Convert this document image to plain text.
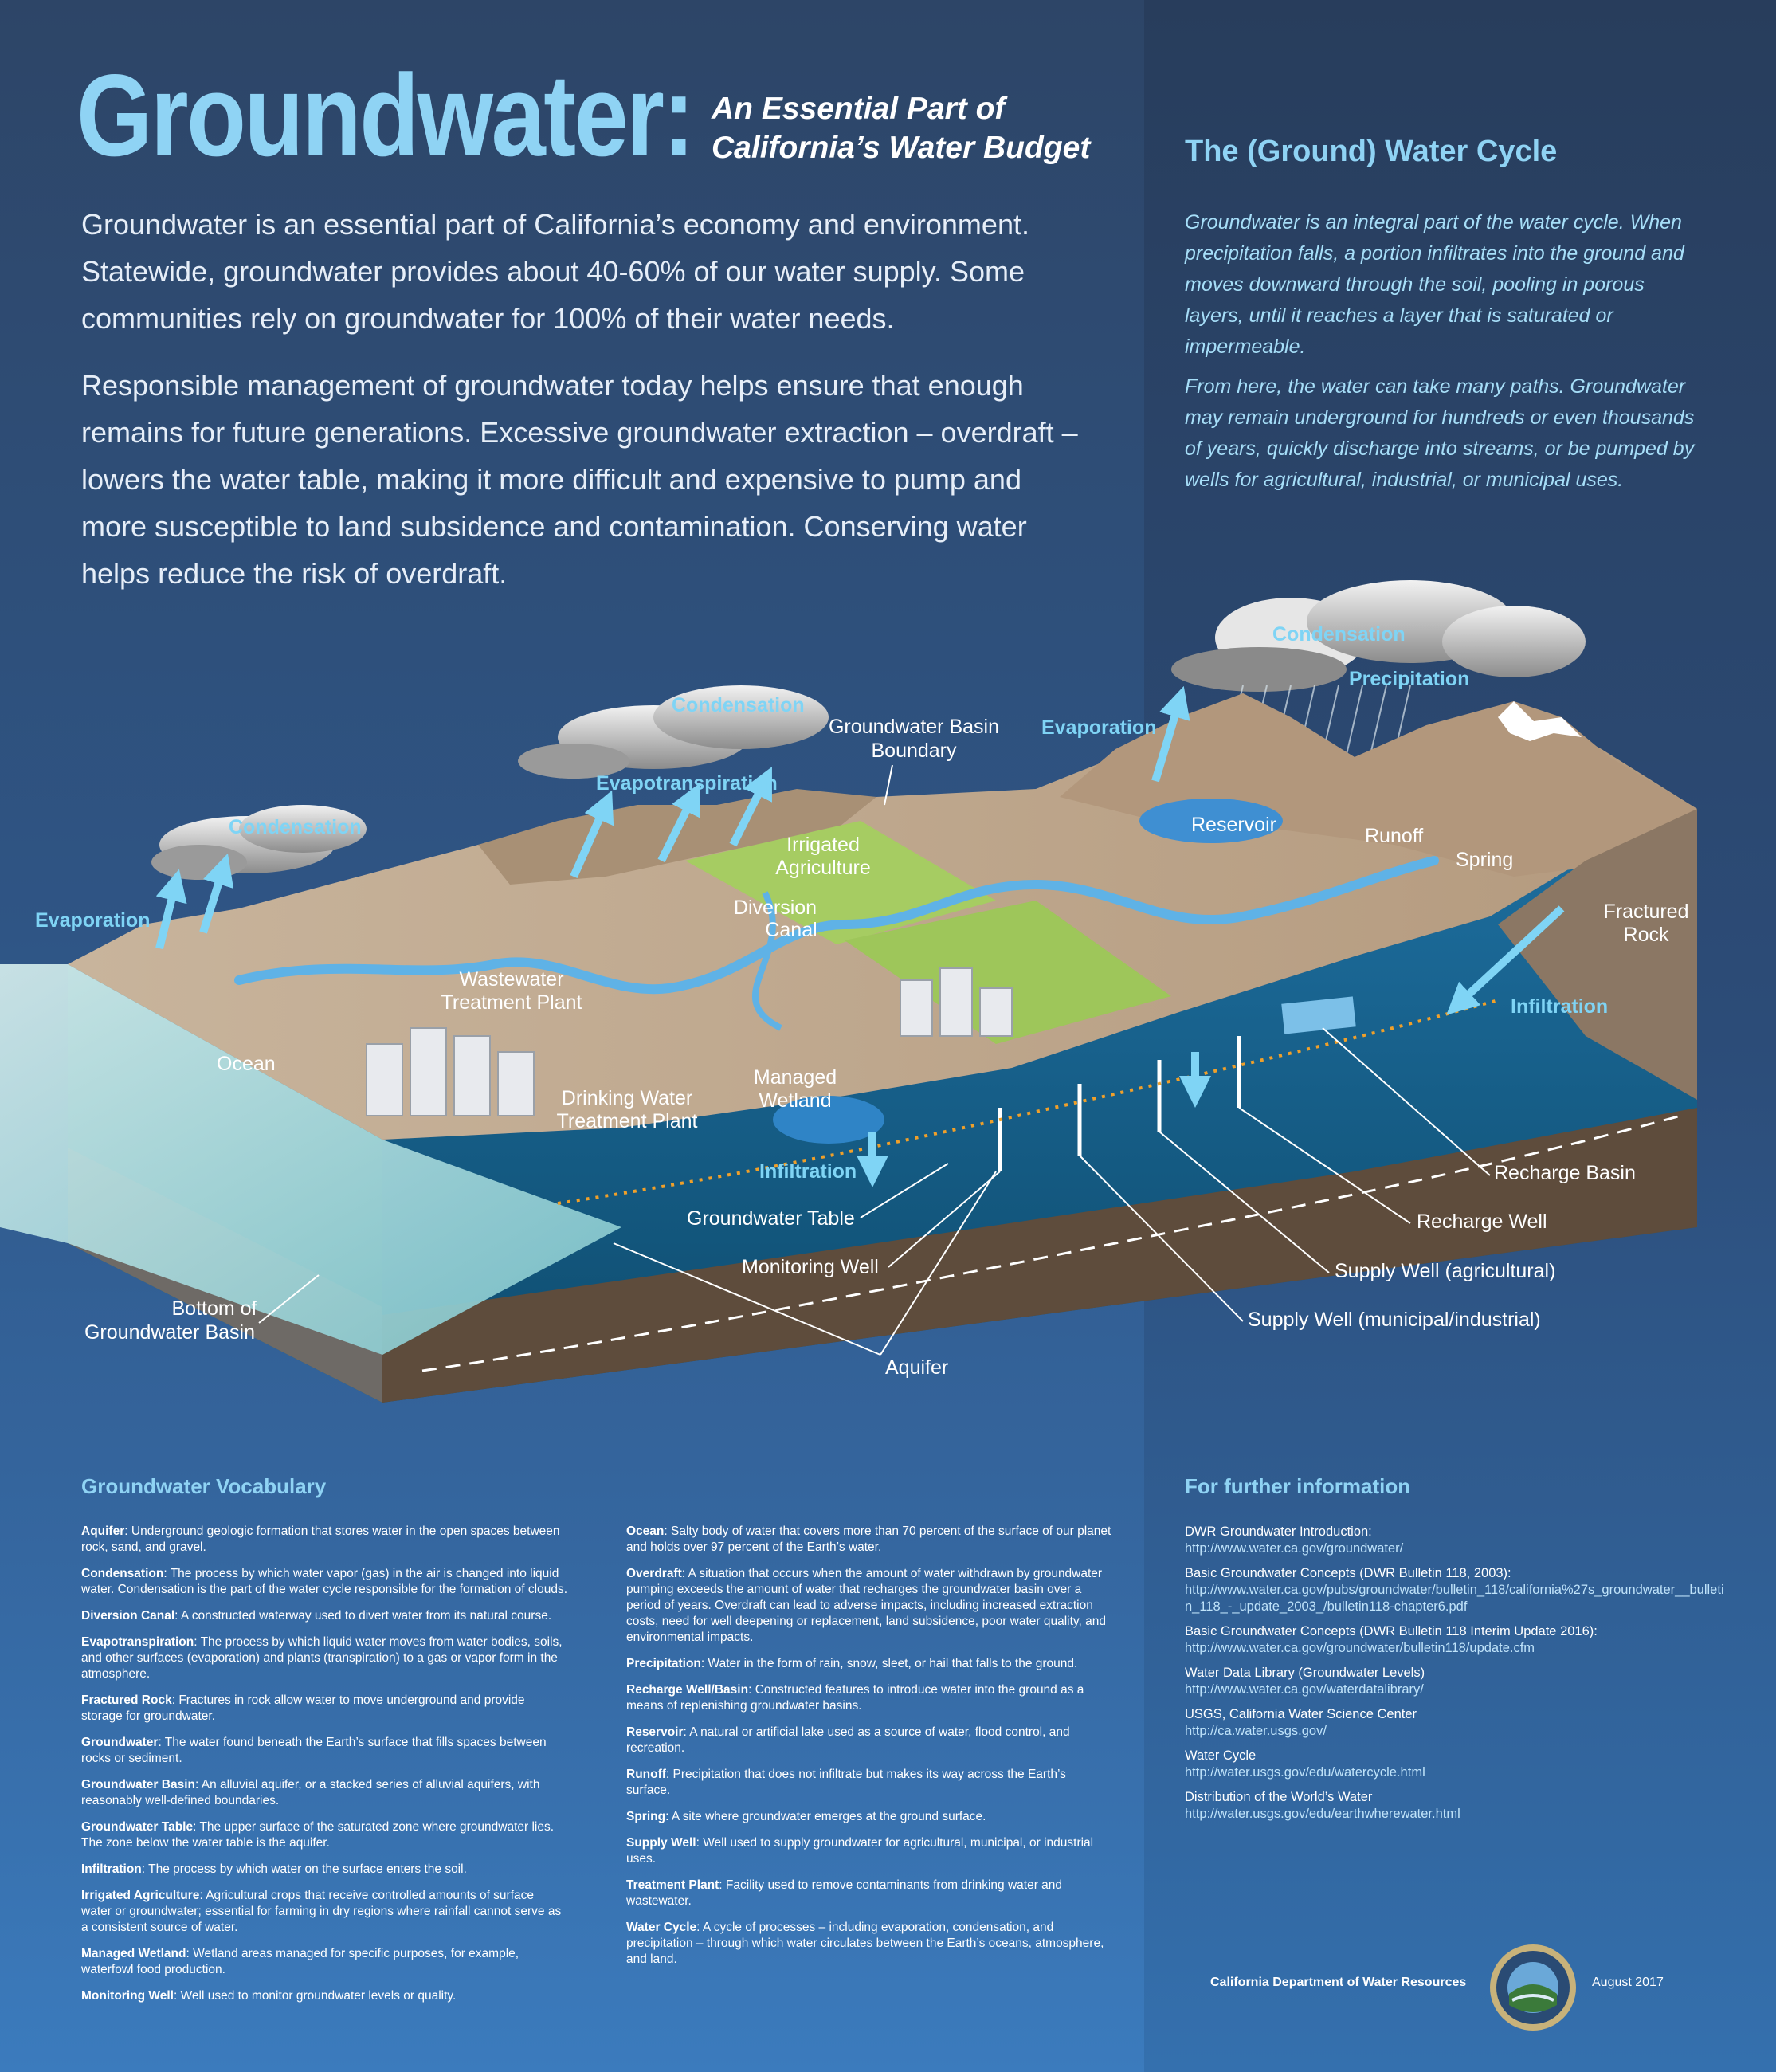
Groundwater: An Essential Part of
California’s Water Budget

Groundwater is an essential part of California’s economy and environment. Statewide, groundwater provides about 40-60% of our water supply. Some communities rely on groundwater for 100% of their water needs.

Responsible management of groundwater today helps ensure that enough remains for future generations. Excessive groundwater extraction – overdraft – lowers the water table, making it more difficult and expensive to pump and more susceptible to land subsidence and contamination. Conserving water helps reduce the risk of overdraft.

The (Ground) Water Cycle

Groundwater is an integral part of the water cycle. When precipitation falls, a portion infiltrates into the ground and moves downward through the soil, pooling in porous layers, until it reaches a layer that is saturated or impermeable.

From here, the water can take many paths. Groundwater may remain underground for hundreds or even thousands of years, quickly discharge into streams, or be pumped by wells for agricultural, industrial, or municipal uses.

Condensation
Condensation
Condensation
Precipitation
Evaporation
Evaporation
Evapotranspiration
Groundwater Basin
Boundary
Reservoir	Runoff
Spring
Fractured
Rock
Irrigated
Agriculture
Diversion
Canal
Wastewater
Treatment Plant
Ocean
Drinking Water
Treatment Plant
Managed
Wetland
Infiltration
Infiltration
Groundwater Table
Monitoring Well
Recharge Basin
Recharge Well
Supply Well (agricultural)
Supply Well (municipal/industrial)
Bottom of
Groundwater Basin
Aquifer
Groundwater Vocabulary

Aquifer: Underground geologic formation that stores water in the open spaces between rock, sand, and gravel.

Condensation: The process by which water vapor (gas) in the air is changed into liquid water. Condensation is the part of the water cycle responsible for the formation of clouds.

Diversion Canal: A constructed waterway used to divert water from its natural course.

Evapotranspiration: The process by which liquid water moves from water bodies, soils, and other surfaces (evaporation) and plants (transpiration) to a gas or vapor form in the atmosphere.

Fractured Rock: Fractures in rock allow water to move underground and provide storage for groundwater.

Groundwater: The water found beneath the Earth’s surface that fills spaces between rocks or sediment.

Groundwater Basin: An alluvial aquifer, or a stacked series of alluvial aquifers, with reasonably well-defined boundaries.

Groundwater Table: The upper surface of the saturated zone where groundwater lies. The zone below the water table is the aquifer.

Infiltration: The process by which water on the surface enters the soil.

Irrigated Agriculture: Agricultural crops that receive controlled amounts of surface water or groundwater; essential for farming in dry regions where rainfall cannot serve as a consistent source of water.

Managed Wetland: Wetland areas managed for specific purposes, for example, waterfowl food production.

Monitoring Well: Well used to monitor groundwater levels or quality.

Ocean: Salty body of water that covers more than 70 percent of the surface of our planet and holds over 97 percent of the Earth’s water.

Overdraft: A situation that occurs when the amount of water withdrawn by groundwater pumping exceeds the amount of water that recharges the groundwater basin over a period of years. Overdraft can lead to adverse impacts, including increased extraction costs, need for well deepening or replacement, land subsidence, poor water quality, and environmental impacts.

Precipitation: Water in the form of rain, snow, sleet, or hail that falls to the ground.

Recharge Well/Basin: Constructed features to introduce water into the ground as a means of replenishing groundwater basins.

Reservoir: A natural or artificial lake used as a source of water, flood control, and recreation.

Runoff: Precipitation that does not infiltrate but makes its way across the Earth’s surface.

Spring: A site where groundwater emerges at the ground surface.

Supply Well: Well used to supply groundwater for agricultural, municipal, or industrial uses.

Treatment Plant: Facility used to remove contaminants from drinking water and wastewater.

Water Cycle: A cycle of processes – including evaporation, condensation, and precipitation – through which water circulates between the Earth’s oceans, atmosphere, and land.

For further information
DWR Groundwater Introduction:
http://www.water.ca.gov/groundwater/
Basic Groundwater Concepts (DWR Bulletin 118, 2003):
http://www.water.ca.gov/pubs/groundwater/bulletin_118/california%27s_groundwater__bulletin_118_-_update_2003_/bulletin118-chapter6.pdf
Basic Groundwater Concepts (DWR Bulletin 118 Interim Update 2016):
http://www.water.ca.gov/groundwater/bulletin118/update.cfm
Water Data Library (Groundwater Levels)
http://www.water.ca.gov/waterdatalibrary/
USGS, California Water Science Center
http://ca.water.usgs.gov/
Water Cycle
http://water.usgs.gov/edu/watercycle.html
Distribution of the World’s Water
http://water.usgs.gov/edu/earthwherewater.html
California Department of Water Resources	August 2017
